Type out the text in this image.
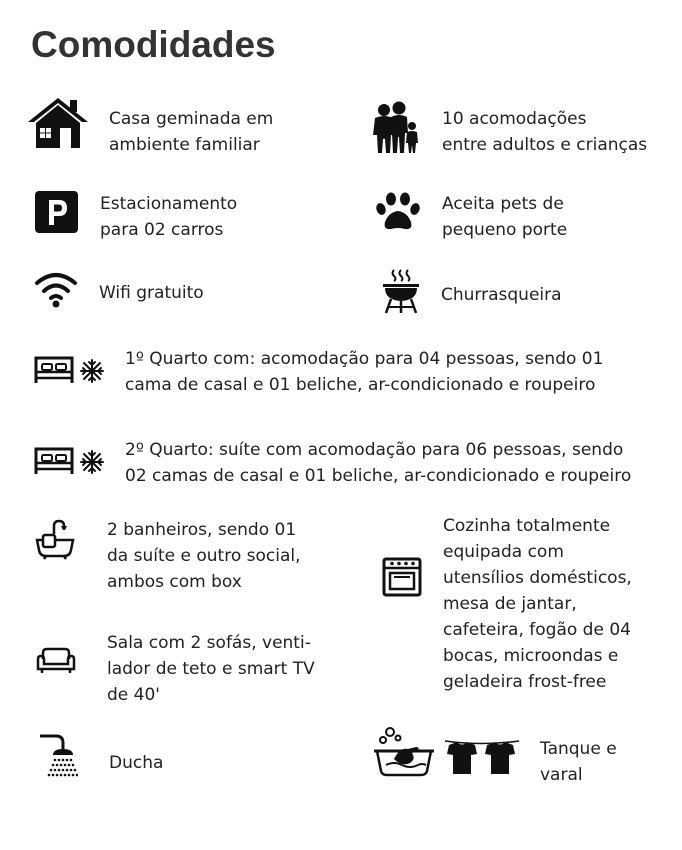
Comodidades
Casa geminada em
ambiente familiar
10 acomodações
entre adultos e crianças
Estacionamento
para 02 carros
Aceita pets de
pequeno porte
Wifi gratuito	Churrasqueira
1º Quarto com: acomodação para 04 pessoas, sendo 01
cama de casal e 01 beliche, ar-condicionado e roupeiro
2º Quarto: suíte com acomodação para 06 pessoas, sendo
02 camas de casal e 01 beliche, ar-condicionado e roupeiro
2 banheiros, sendo 01
da suíte e outro social,
ambos com box
Cozinha totalmente
equipada com
utensílios domésticos,
mesa de jantar,
cafeteira, fogão de 04
bocas, microondas e
geladeira frost-free
Sala com 2 sofás, venti-
lador de teto e smart TV
de 40'
Ducha
Tanque e
varal
